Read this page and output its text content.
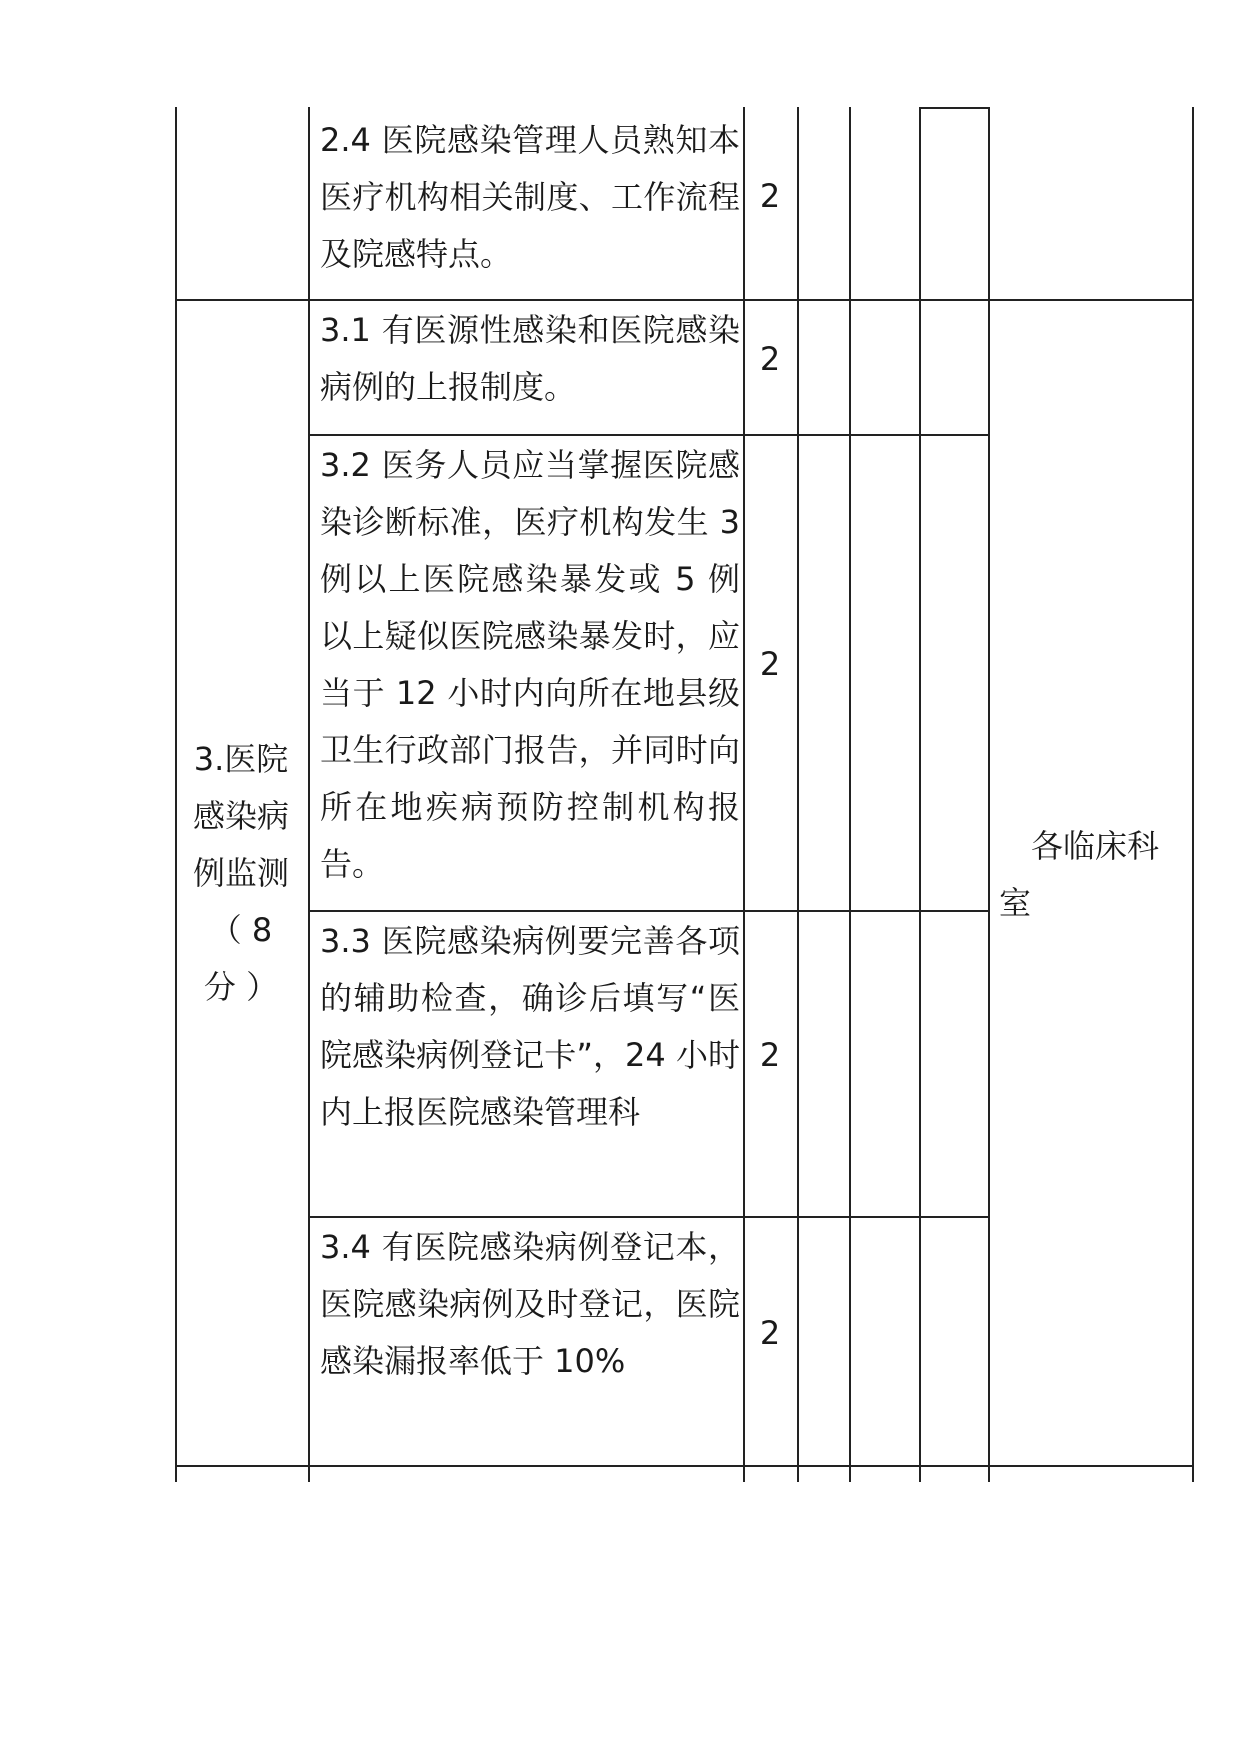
2.4 医院感染管理人员熟知本医疗机构相关制度、工作流程及院感特点。
2
3.1 有医源性感染和医院感染病例的上报制度。
2
3.2 医务人员应当掌握医院感染诊断标准，医疗机构发生 3 例以上医院感染暴发或 5 例以上疑似医院感染暴发时，应当于 12 小时内向所在地县级卫生行政部门报告，并同时向所在地疾病预防控制机构报告。
2
3.3 医院感染病例要完善各项的辅助检查，确诊后填写“医院感染病例登记卡”，24 小时内上报医院感染管理科
2
3.4 有医院感染病例登记本，医院感染病例及时登记，医院感染漏报率低于 10%
2
3.医院
感染病
例监测
（ 8
分 ）
各临床科
室
